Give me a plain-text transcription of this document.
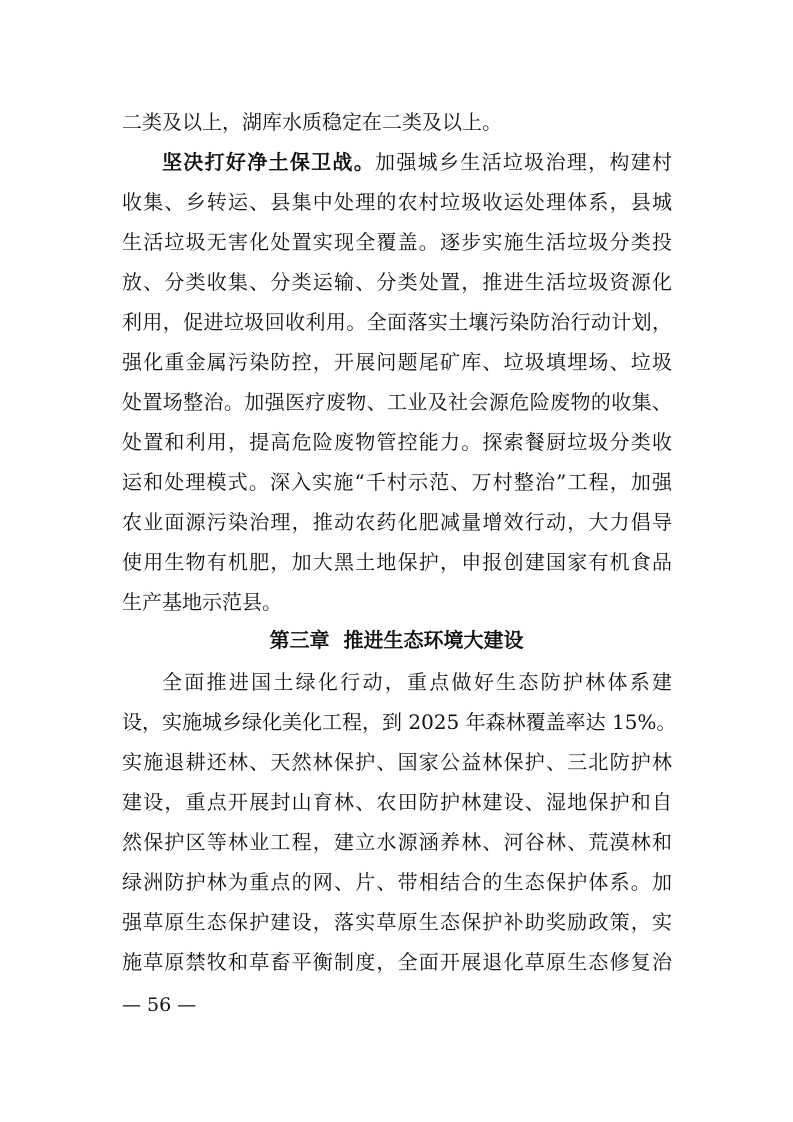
二类及以上，湖库水质稳定在二类及以上。
坚决打好净土保卫战。加强城乡生活垃圾治理，构建村
收集、乡转运、县集中处理的农村垃圾收运处理体系，县城
生活垃圾无害化处置实现全覆盖。逐步实施生活垃圾分类投
放、分类收集、分类运输、分类处置，推进生活垃圾资源化
利用，促进垃圾回收利用。全面落实土壤污染防治行动计划，
强化重金属污染防控，开展问题尾矿库、垃圾填埋场、垃圾
处置场整治。加强医疗废物、工业及社会源危险废物的收集、
处置和利用，提高危险废物管控能力。探索餐厨垃圾分类收
运和处理模式。深入实施“千村示范、万村整治”工程，加强
农业面源污染治理，推动农药化肥减量增效行动，大力倡导
使用生物有机肥，加大黑土地保护，申报创建国家有机食品
生产基地示范县。
第三章  推进生态环境大建设
全面推进国土绿化行动，重点做好生态防护林体系建
设，实施城乡绿化美化工程，到 2025 年森林覆盖率达 15%。
实施退耕还林、天然林保护、国家公益林保护、三北防护林
建设，重点开展封山育林、农田防护林建设、湿地保护和自
然保护区等林业工程，建立水源涵养林、河谷林、荒漠林和
绿洲防护林为重点的网、片、带相结合的生态保护体系。加
强草原生态保护建设，落实草原生态保护补助奖励政策，实
施草原禁牧和草畜平衡制度，全面开展退化草原生态修复治
— 56 —
